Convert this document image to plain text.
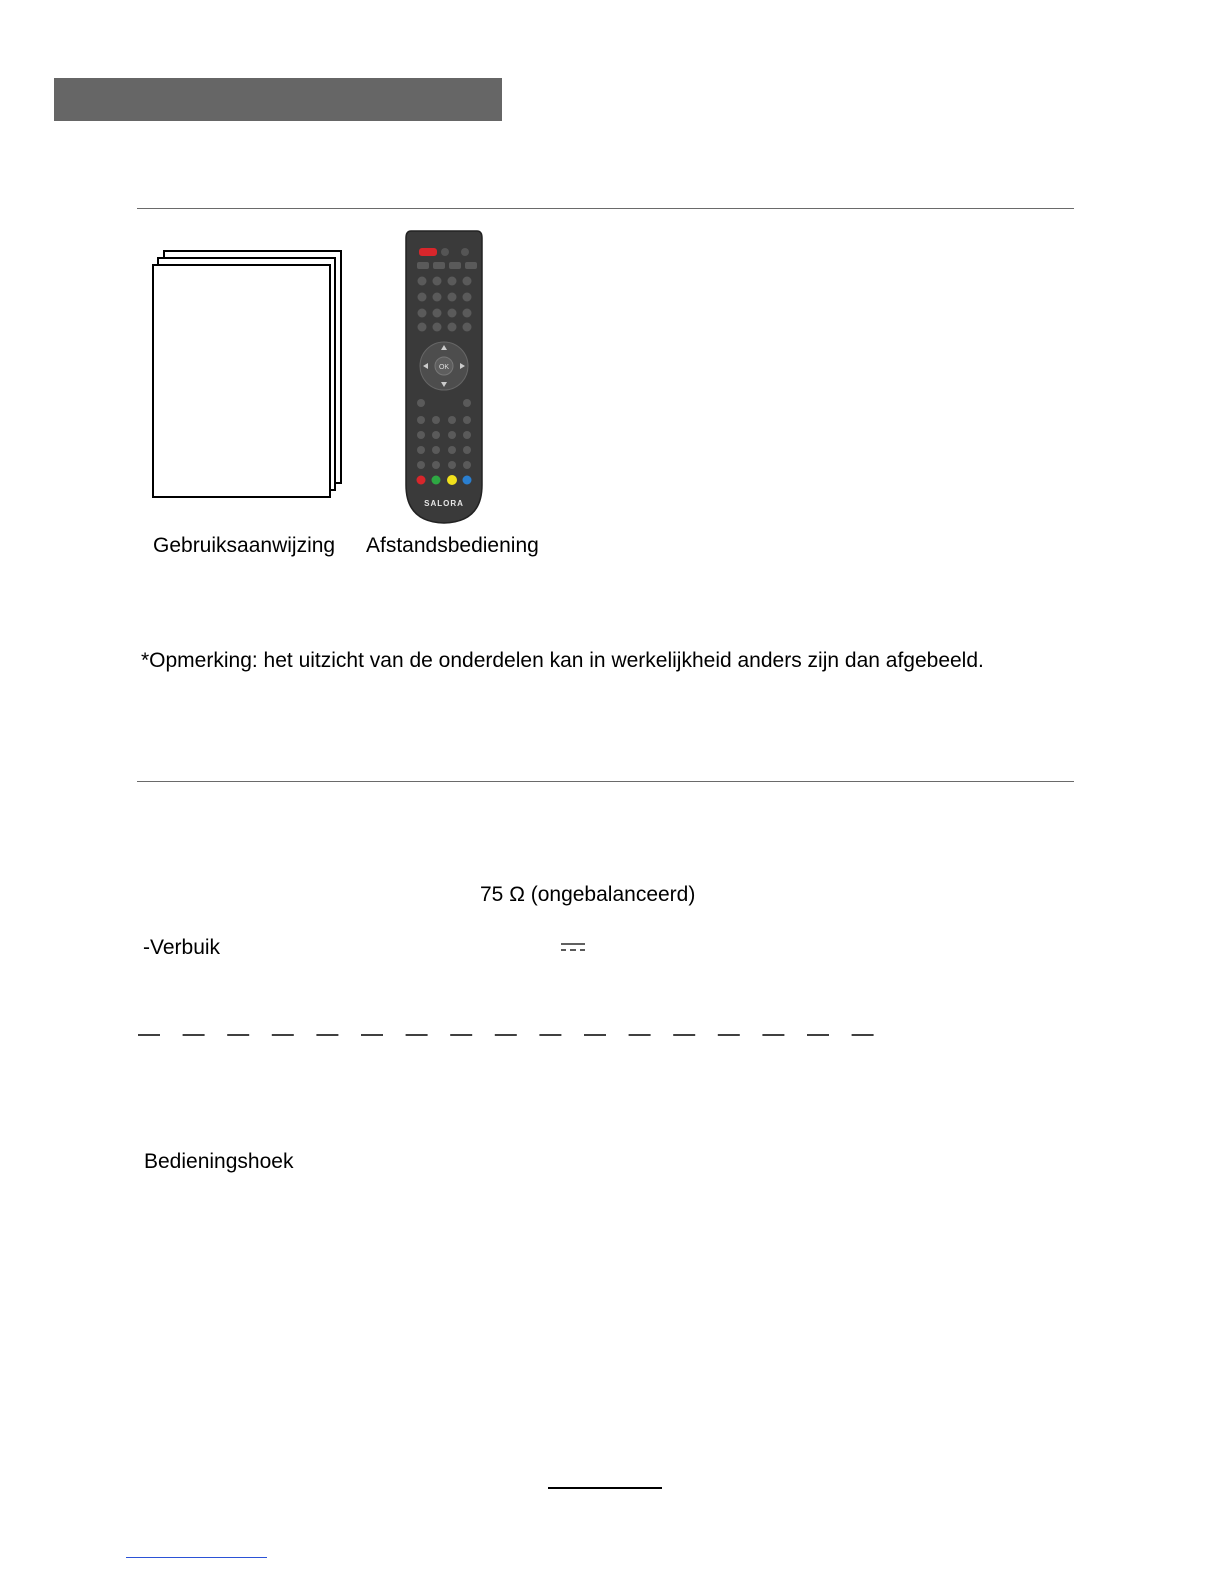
OK
SALORA
Gebruiksaanwijzing Afstandsbediening
*Opmerking: het uitzicht van de onderdelen kan in werkelijkheid anders zijn dan afgebeeld.
75 Ω (ongebalanceerd)
-Verbuik
Bedieningshoek
